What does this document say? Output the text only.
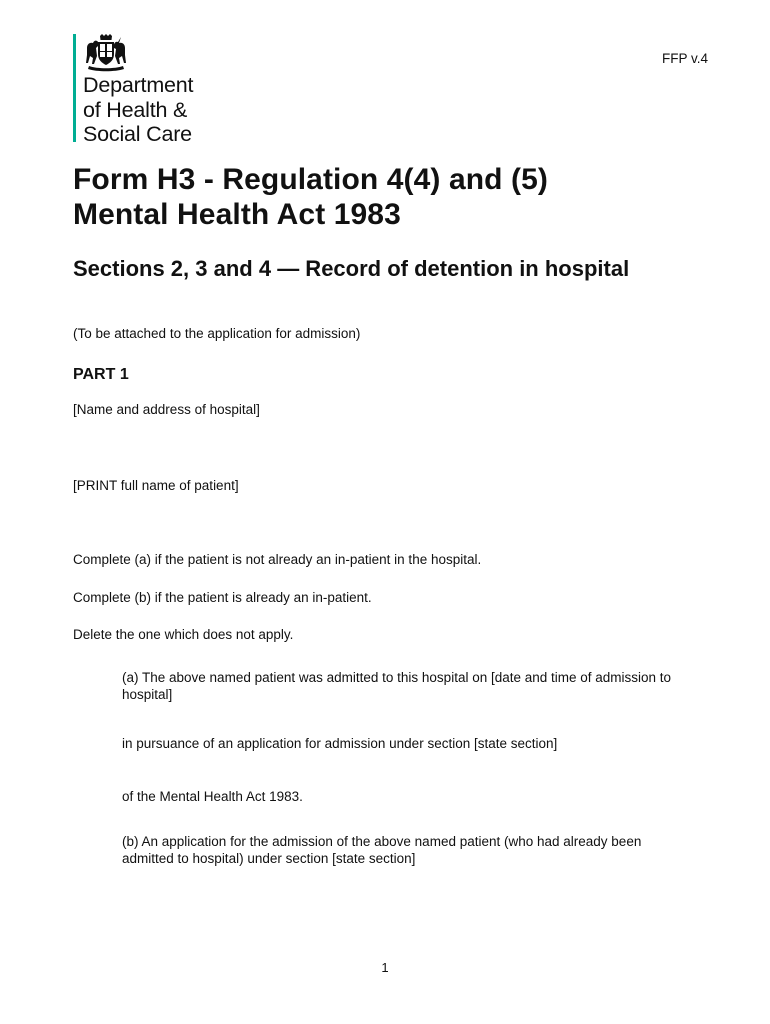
Department
of Health &
Social Care
FFP v.4
Form H3 - Regulation 4(4) and (5)
Mental Health Act 1983
Sections 2, 3 and 4 — Record of detention in hospital
(To be attached to the application for admission)
PART 1
[Name and address of hospital]
[PRINT full name of patient]
Complete (a) if the patient is not already an in-patient in the hospital.
Complete (b) if the patient is already an in-patient.
Delete the one which does not apply.
(a) The above named patient was admitted to this hospital on [date and time of admission to hospital]
in pursuance of an application for admission under section [state section]
of the Mental Health Act 1983.
(b) An application for the admission of the above named patient (who had already been admitted to hospital) under section [state section]
1
